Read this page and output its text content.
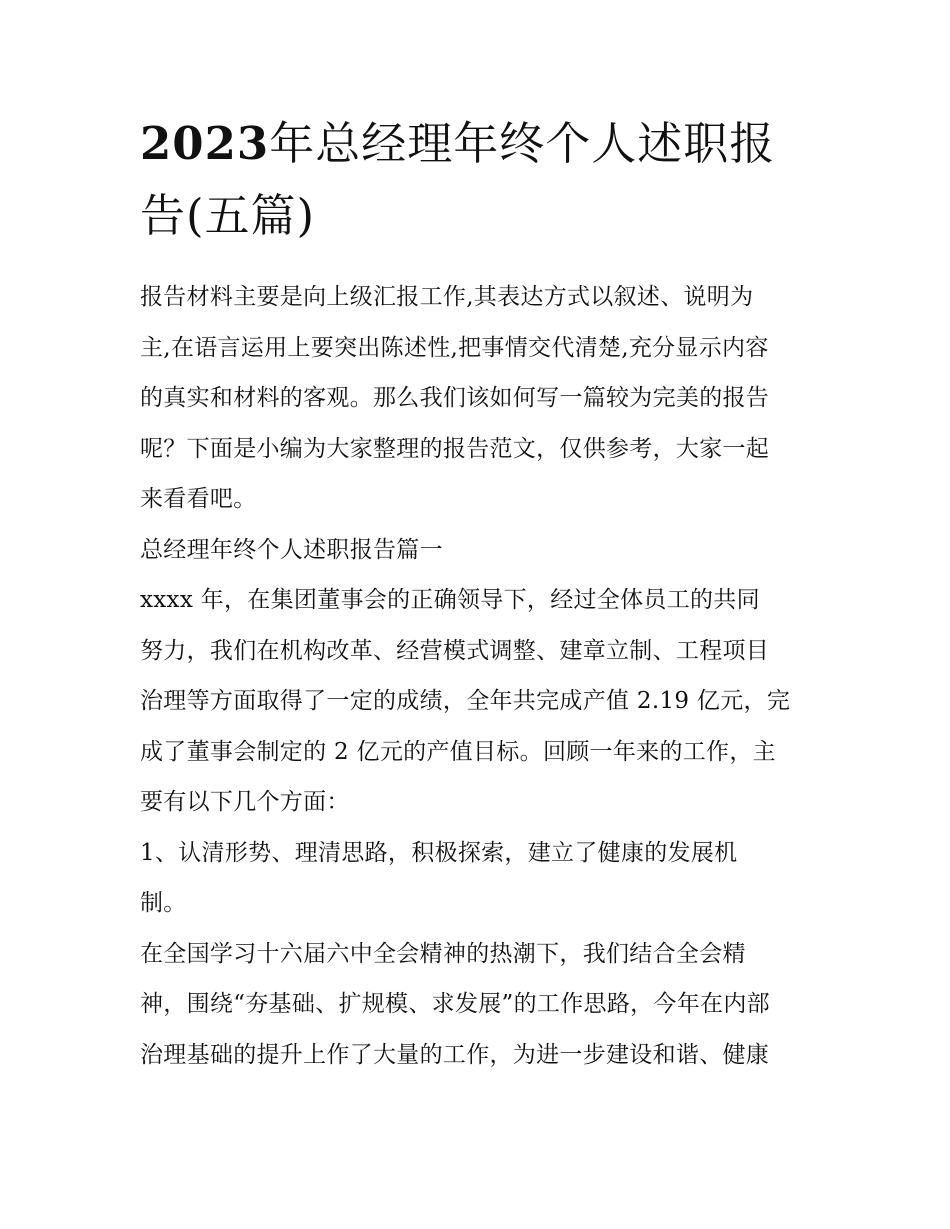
2023年总经理年终个人述职报
告(五篇)
报告材料主要是向上级汇报工作,其表达方式以叙述、说明为
主,在语言运用上要突出陈述性,把事情交代清楚,充分显示内容
的真实和材料的客观。那么我们该如何写一篇较为完美的报告
呢？下面是小编为大家整理的报告范文，仅供参考，大家一起
来看看吧。
总经理年终个人述职报告篇一
xxxx 年，在集团董事会的正确领导下，经过全体员工的共同
努力，我们在机构改革、经营模式调整、建章立制、工程项目
治理等方面取得了一定的成绩，全年共完成产值 2.19 亿元，完
成了董事会制定的 2 亿元的产值目标。回顾一年来的工作，主
要有以下几个方面：
1、认清形势、理清思路，积极探索，建立了健康的发展机
制。
在全国学习十六届六中全会精神的热潮下，我们结合全会精
神，围绕“夯基础、扩规模、求发展”的工作思路，今年在内部
治理基础的提升上作了大量的工作，为进一步建设和谐、健康
